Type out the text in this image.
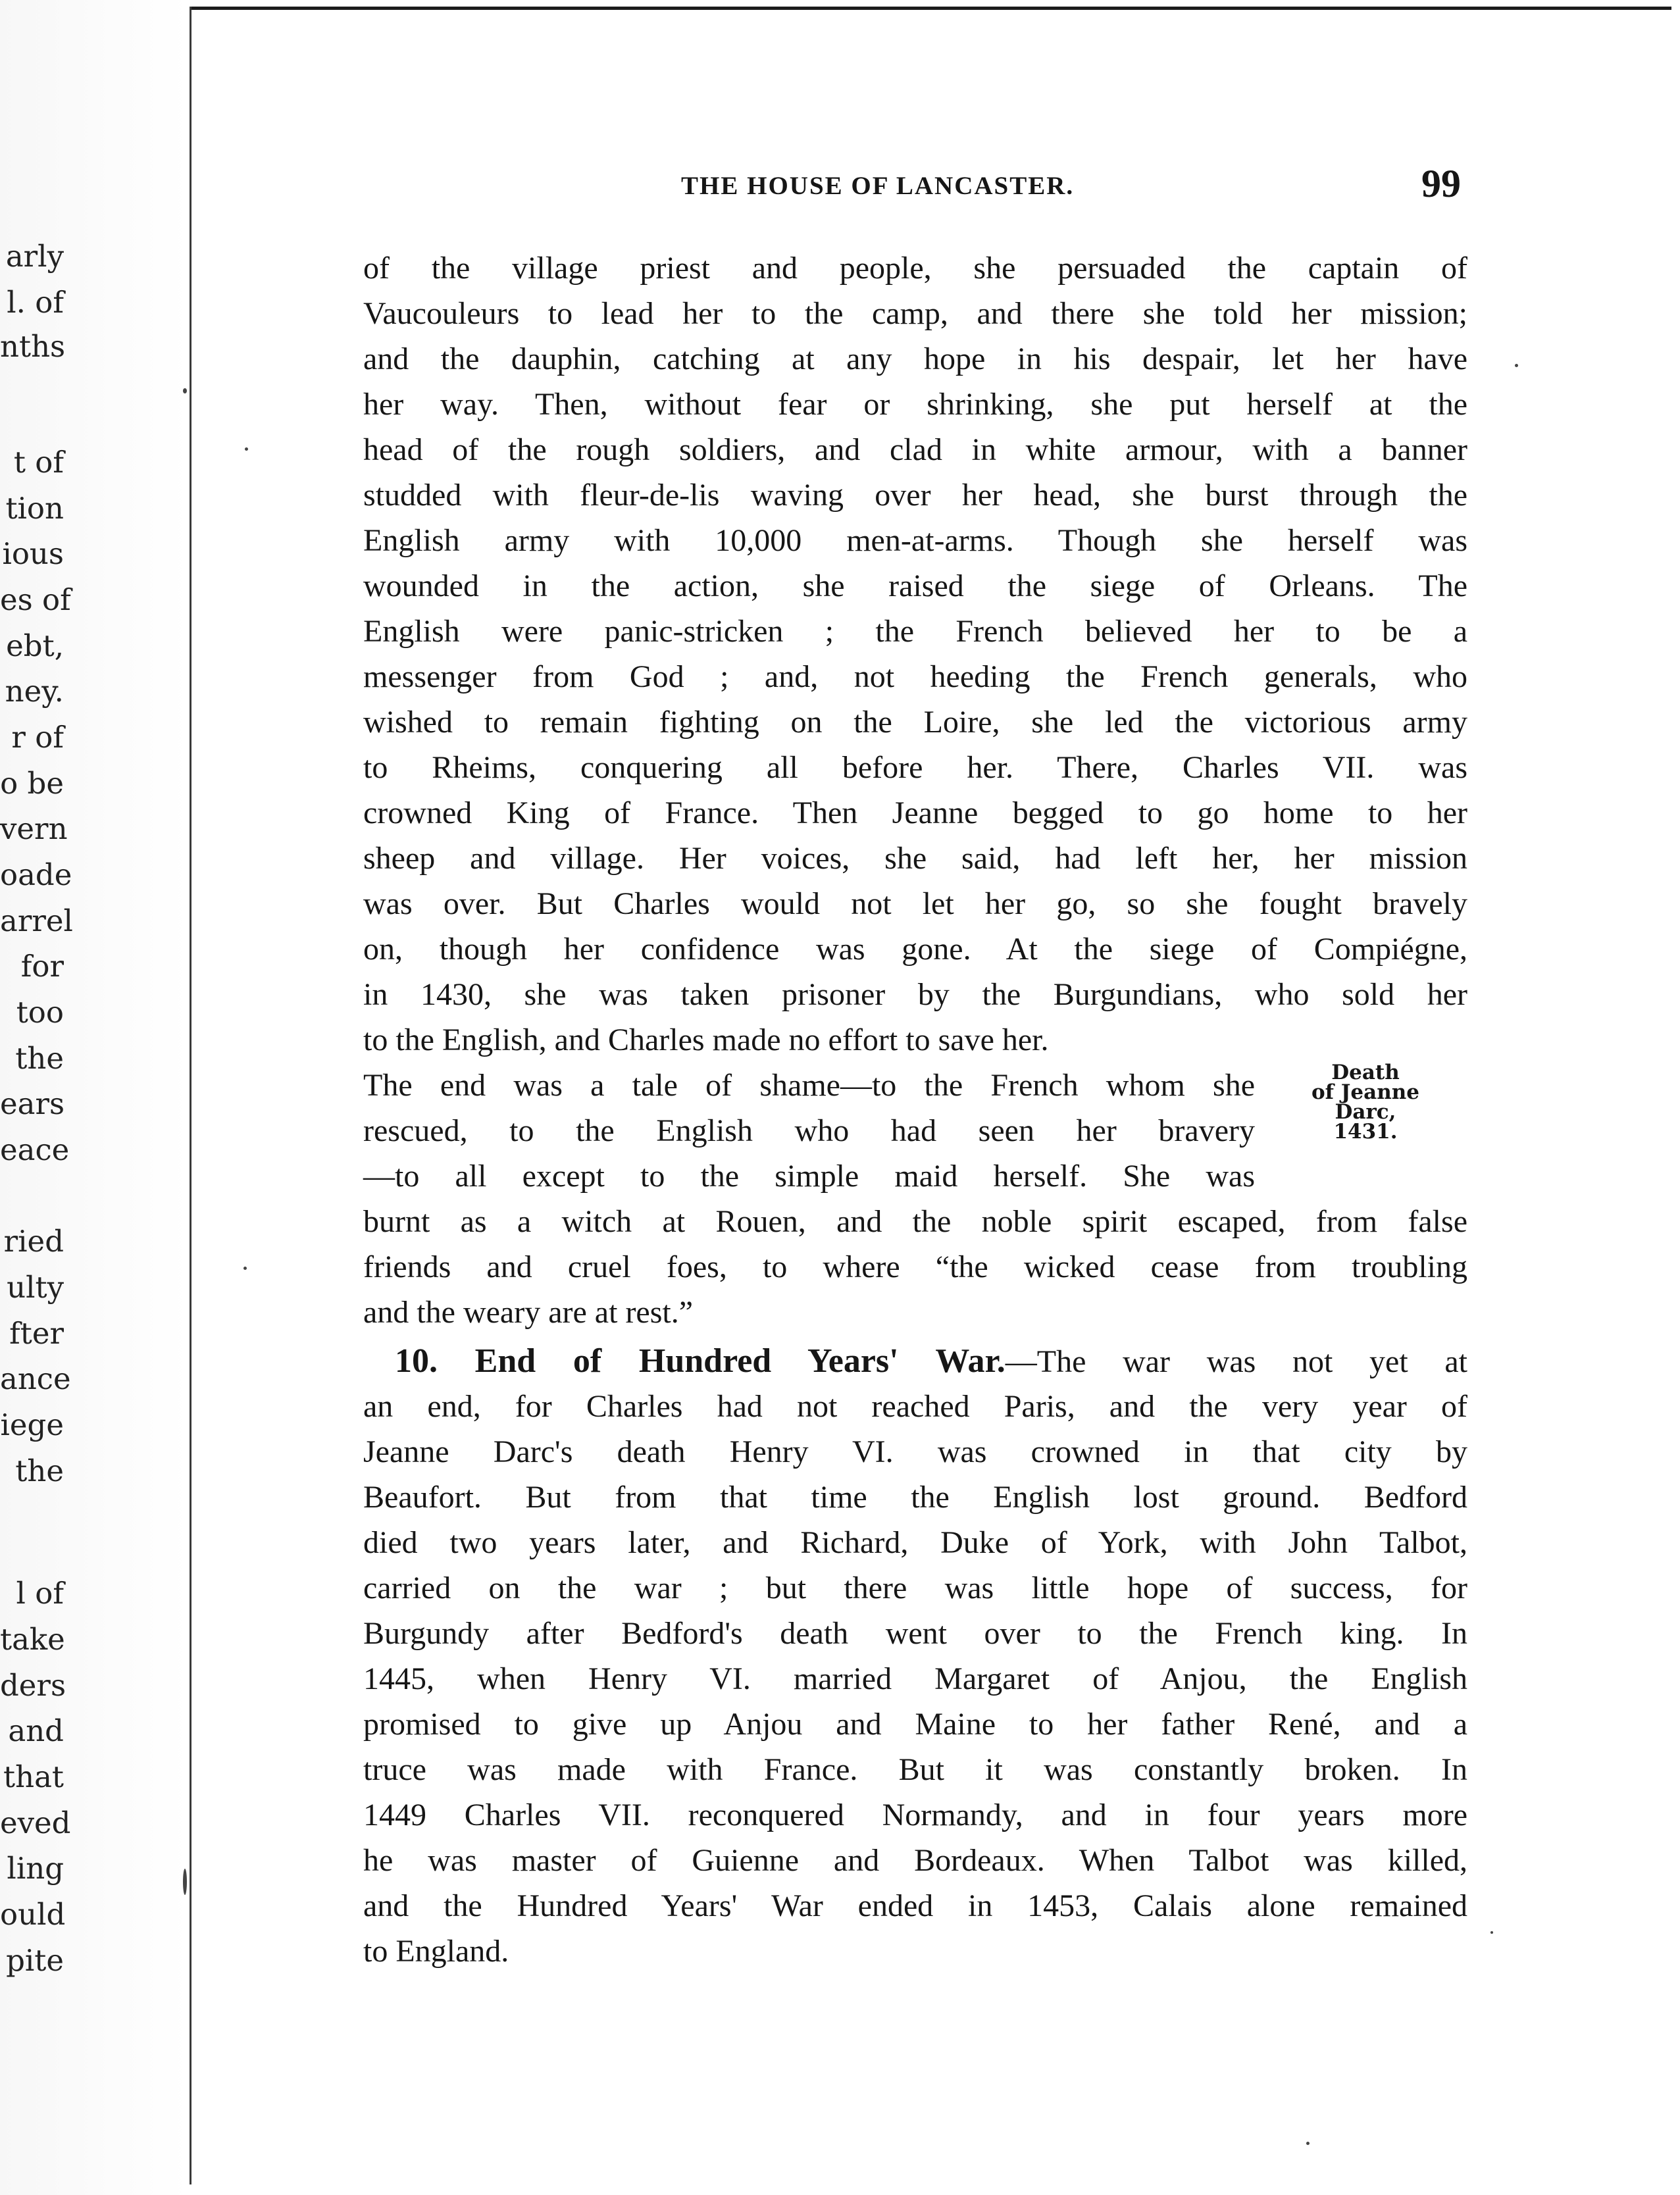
arly
l. of
nths
t of
tion
ious
es of
ebt,
ney.
r of
o be
vern
oade
arrel
for
too
the
ears
eace
ried
ulty
fter
ance
iege
the
l of
take
ders
and
that
eved
ling
ould
pite
THE HOUSE OF LANCASTER.	99
of the village priest and people, she persuaded the captain of
Vaucouleurs to lead her to the camp, and there she told her mission;
and the dauphin, catching at any hope in his despair, let her have
her way. Then, without fear or shrinking, she put herself at the
head of the rough soldiers, and clad in white armour, with a banner
studded with fleur-de-lis waving over her head, she burst through the
English army with 10,000 men-at-arms. Though she herself was
wounded in the action, she raised the siege of Orleans. The
English were panic-stricken ; the French believed her to be a
messenger from God ; and, not heeding the French generals, who
wished to remain fighting on the Loire, she led the victorious army
to Rheims, conquering all before her. There, Charles VII. was
crowned King of France. Then Jeanne begged to go home to her
sheep and village. Her voices, she said, had left her, her mission
was over. But Charles would not let her go, so she fought bravely
on, though her confidence was gone. At the siege of Compiégne,
in 1430, she was taken prisoner by the Burgundians, who sold her
to the English, and Charles made no effort to save her.
The end was a tale of shame—to the French whom she
rescued, to the English who had seen her bravery
—to all except to the simple maid herself. She was
burnt as a witch at Rouen, and the noble spirit escaped, from false
friends and cruel foes, to where “the wicked cease from troubling
and the weary are at rest.”
Death
of Jeanne
Darc,
1431.
10. End of Hundred Years' War.—The war was not yet at
an end, for Charles had not reached Paris, and the very year of
Jeanne Darc's death Henry VI. was crowned in that city by
Beaufort. But from that time the English lost ground. Bedford
died two years later, and Richard, Duke of York, with John Talbot,
carried on the war ; but there was little hope of success, for
Burgundy after Bedford's death went over to the French king. In
1445, when Henry VI. married Margaret of Anjou, the English
promised to give up Anjou and Maine to her father René, and a
truce was made with France. But it was constantly broken. In
1449 Charles VII. reconquered Normandy, and in four years more
he was master of Guienne and Bordeaux. When Talbot was killed,
and the Hundred Years' War ended in 1453, Calais alone remained
to England.
